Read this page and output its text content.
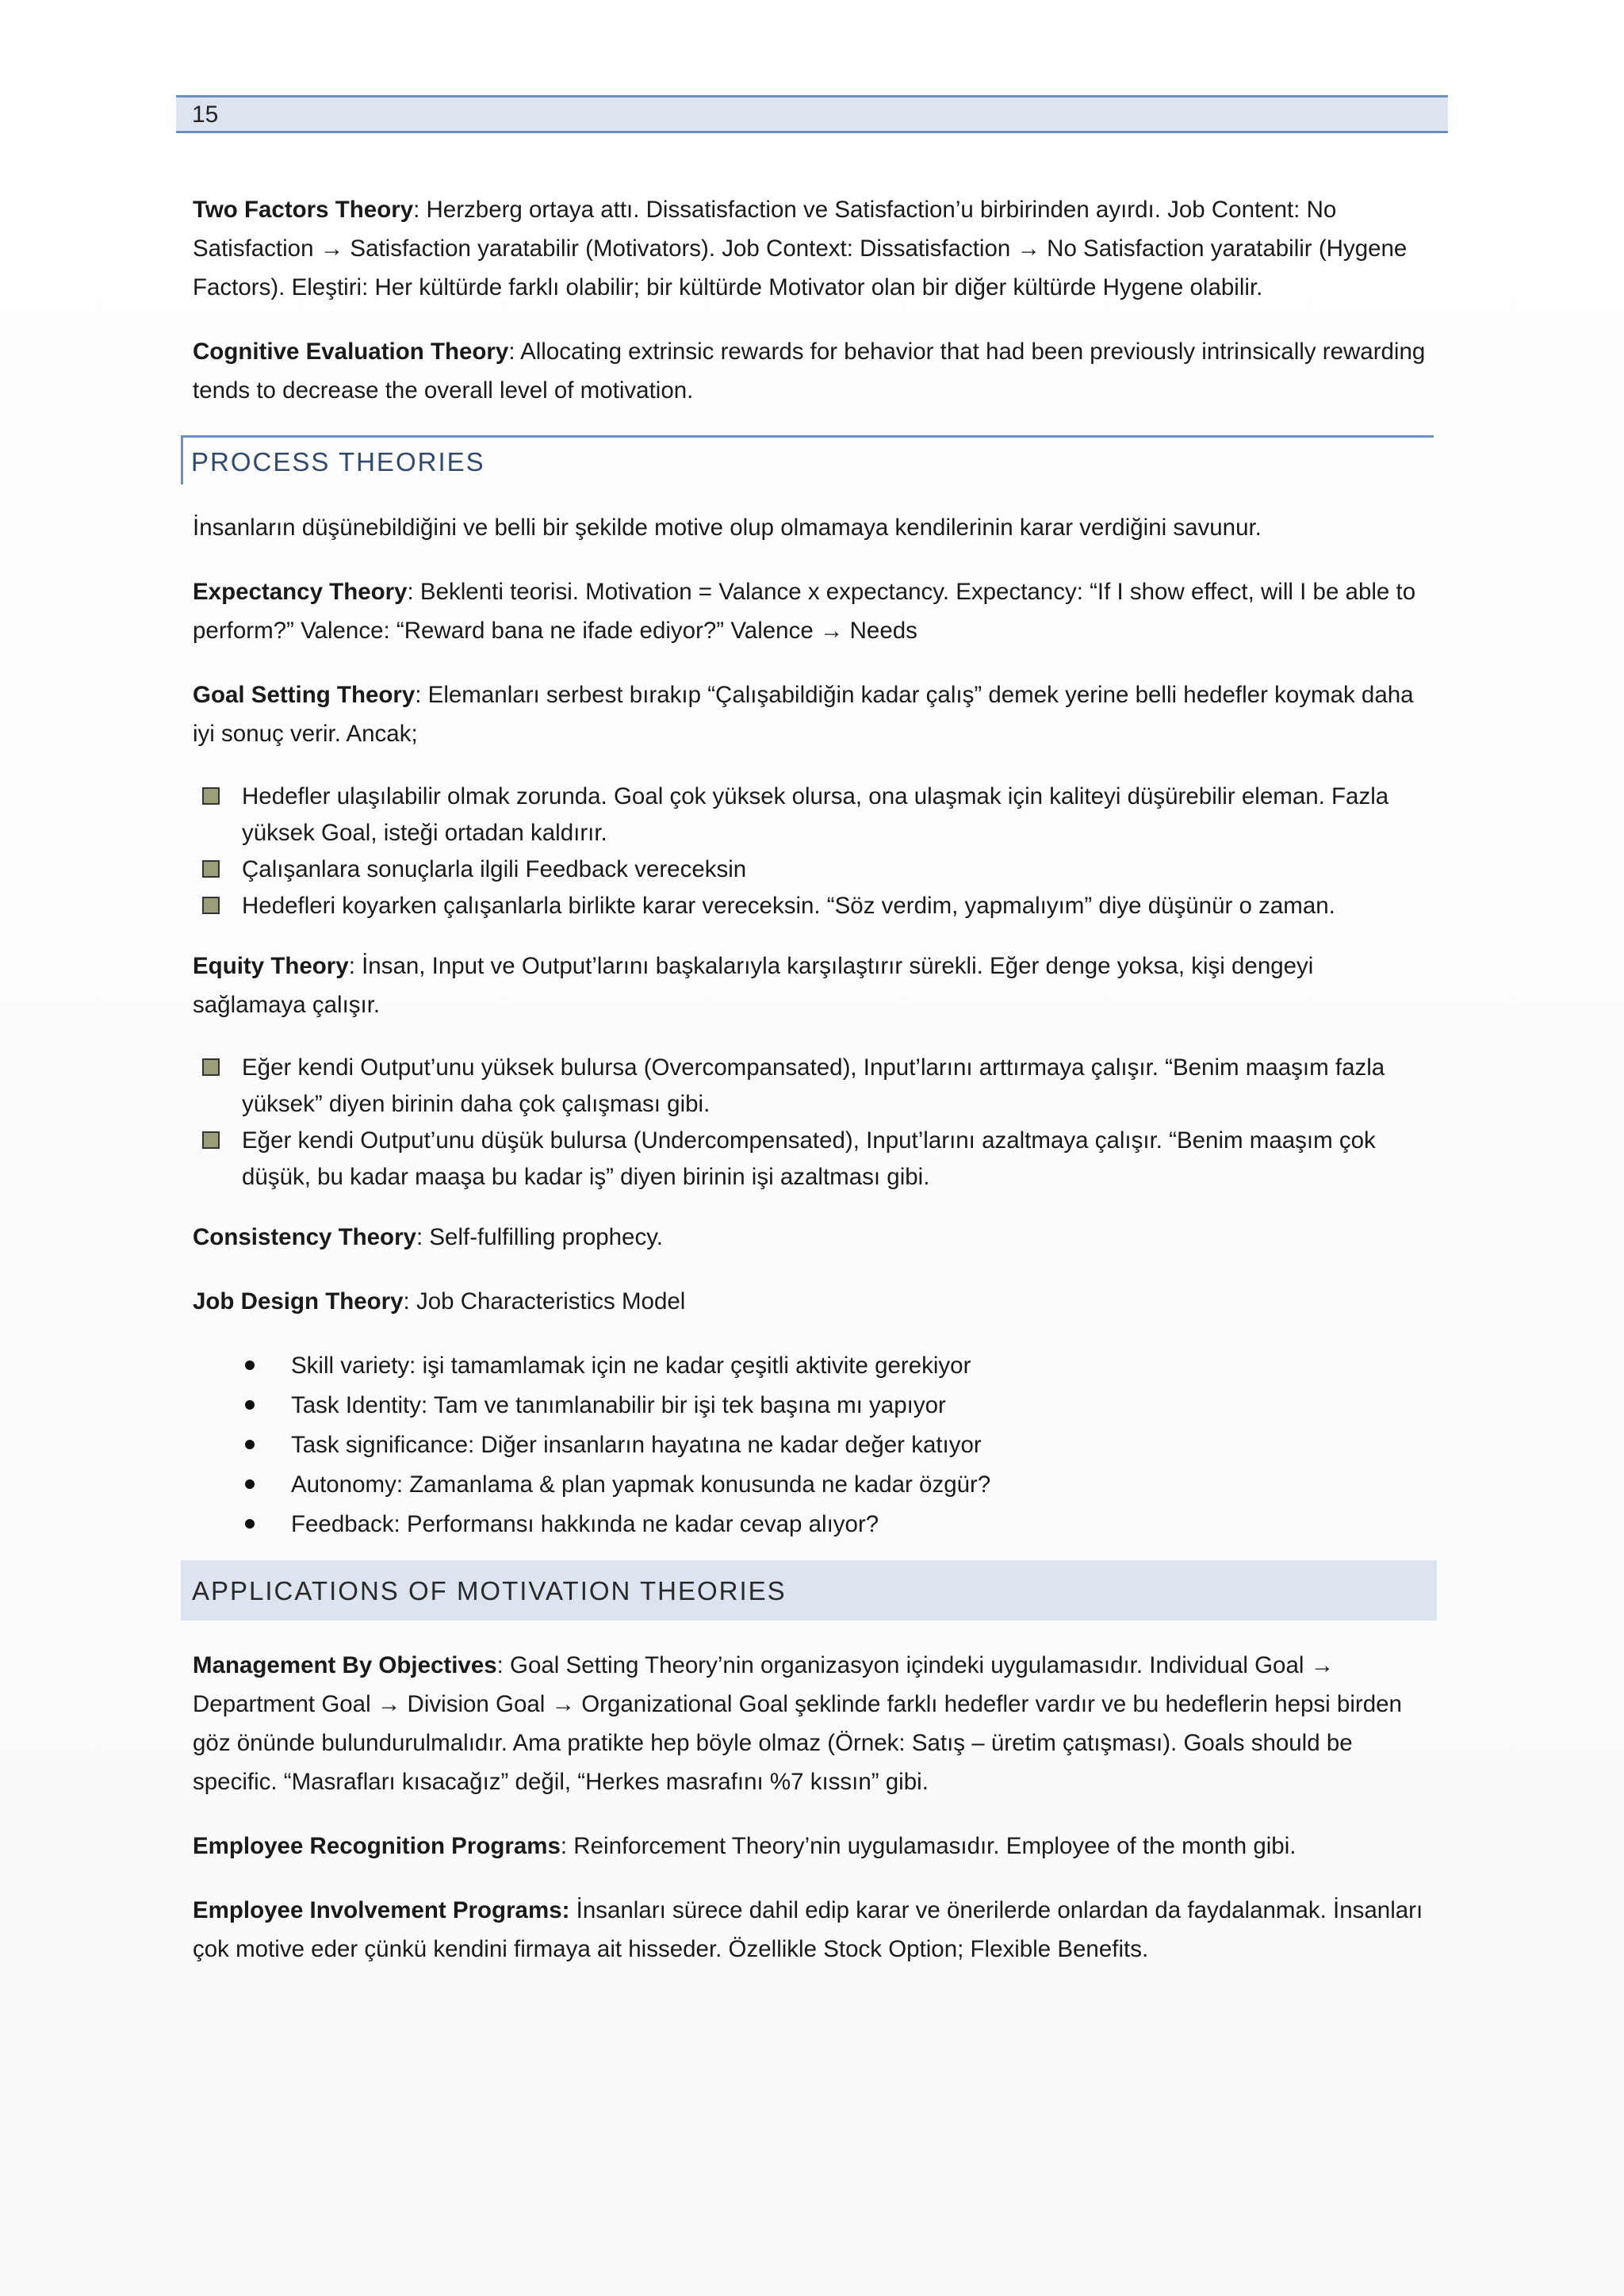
15

Two Factors Theory: Herzberg ortaya attı. Dissatisfaction ve Satisfaction’u birbirinden ayırdı. Job Content: No Satisfaction → Satisfaction yaratabilir (Motivators). Job Context: Dissatisfaction → No Satisfaction yaratabilir (Hygene Factors). Eleştiri: Her kültürde farklı olabilir; bir kültürde Motivator olan bir diğer kültürde Hygene olabilir.

Cognitive Evaluation Theory: Allocating extrinsic rewards for behavior that had been previously intrinsically rewarding tends to decrease the overall level of motivation.

PROCESS THEORIES

İnsanların düşünebildiğini ve belli bir şekilde motive olup olmamaya kendilerinin karar verdiğini savunur.

Expectancy Theory: Beklenti teorisi. Motivation = Valance x expectancy. Expectancy: “If I show effect, will I be able to perform?” Valence: “Reward bana ne ifade ediyor?” Valence → Needs

Goal Setting Theory: Elemanları serbest bırakıp “Çalışabildiğin kadar çalış” demek yerine belli hedefler koymak daha iyi sonuç verir. Ancak;

Hedefler ulaşılabilir olmak zorunda. Goal çok yüksek olursa, ona ulaşmak için kaliteyi düşürebilir eleman. Fazla yüksek Goal, isteği ortadan kaldırır.
Çalışanlara sonuçlarla ilgili Feedback vereceksin
Hedefleri koyarken çalışanlarla birlikte karar vereceksin. “Söz verdim, yapmalıyım” diye düşünür o zaman.

Equity Theory: İnsan, Input ve Output’larını başkalarıyla karşılaştırır sürekli. Eğer denge yoksa, kişi dengeyi sağlamaya çalışır.

Eğer kendi Output’unu yüksek bulursa (Overcompansated), Input’larını arttırmaya çalışır. “Benim maaşım fazla yüksek” diyen birinin daha çok çalışması gibi.
Eğer kendi Output’unu düşük bulursa (Undercompensated), Input’larını azaltmaya çalışır. “Benim maaşım çok düşük, bu kadar maaşa bu kadar iş” diyen birinin işi azaltması gibi.

Consistency Theory: Self-fulfilling prophecy.

Job Design Theory: Job Characteristics Model

Skill variety: işi tamamlamak için ne kadar çeşitli aktivite gerekiyor
Task Identity: Tam ve tanımlanabilir bir işi tek başına mı yapıyor
Task significance: Diğer insanların hayatına ne kadar değer katıyor
Autonomy: Zamanlama & plan yapmak konusunda ne kadar özgür?
Feedback: Performansı hakkında ne kadar cevap alıyor?
APPLICATIONS OF MOTIVATION THEORIES

Management By Objectives: Goal Setting Theory’nin organizasyon içindeki uygulamasıdır. Individual Goal → Department Goal → Division Goal → Organizational Goal şeklinde farklı hedefler vardır ve bu hedeflerin hepsi birden göz önünde bulundurulmalıdır. Ama pratikte hep böyle olmaz (Örnek: Satış – üretim çatışması). Goals should be specific. “Masrafları kısacağız” değil, “Herkes masrafını %7 kıssın” gibi.

Employee Recognition Programs: Reinforcement Theory’nin uygulamasıdır. Employee of the month gibi.

Employee Involvement Programs: İnsanları sürece dahil edip karar ve önerilerde onlardan da faydalanmak. İnsanları çok motive eder çünkü kendini firmaya ait hisseder. Özellikle Stock Option; Flexible Benefits.
